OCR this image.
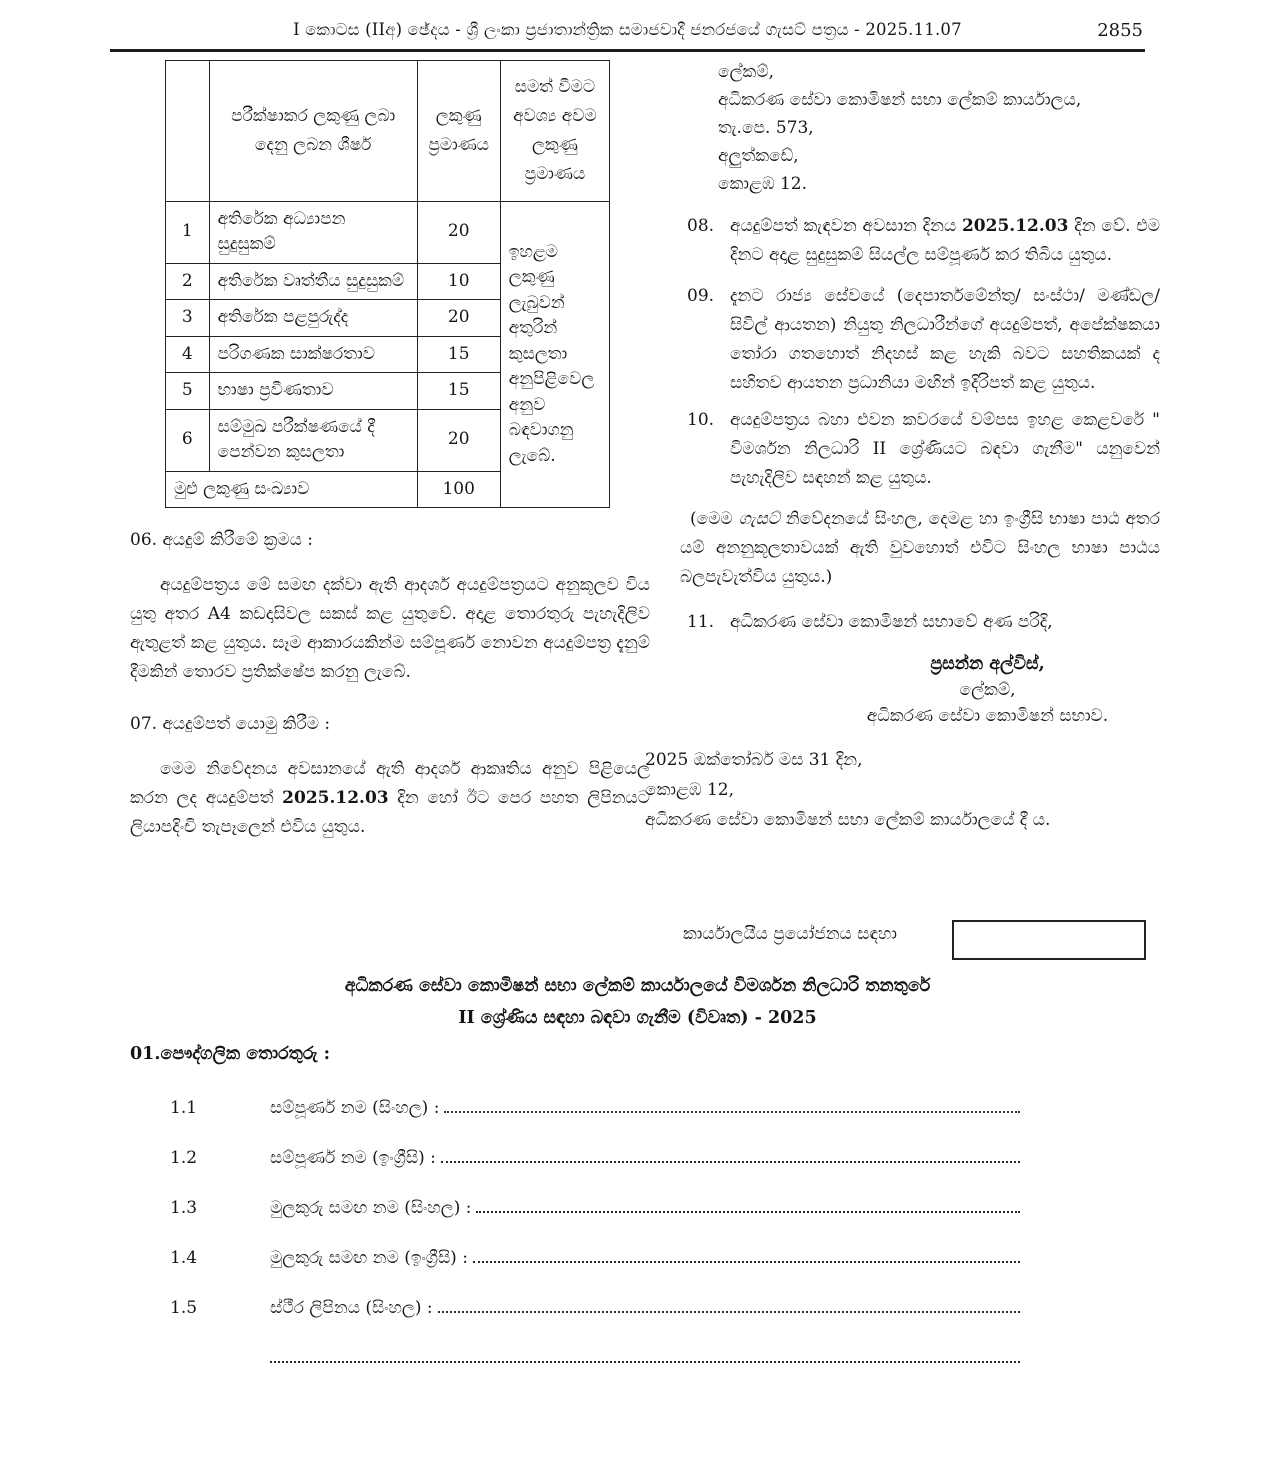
I කොටස (IIඅ) ඡේදය - ශ්‍රී ලංකා ප්‍රජාතාන්ත්‍රික සමාජවාදී ජනරජයේ ගැසට් පත්‍රය - 2025.11.07	2855
	පරීක්ෂාකර ලකුණු ලබා දෙනු ලබන ශීර්ෂ	ලකුණු ප්‍රමාණය	සමත් වීමට අවශ්‍ය අවම ලකුණු ප්‍රමාණය
1	අතිරේක අධ්‍යාපන සුදුසුකම්	20	ඉහළම ලකුණු ලැබුවන් අතුරින් කුසලතා අනුපිළිවෙල අනුව බඳවාගනු ලැබේ.
2	අතිරේක වෘත්තීය සුදුසුකම්	10	
3	අතිරේක පළපුරුද්ද	20	
4	පරිගණක සාක්ෂරතාව	15	
5	භාෂා ප්‍රවීණතාව	15	
6	සම්මුඛ පරීක්ෂණයේ දී පෙන්වන කුසලතා	20	
මුළු ලකුණු සංඛ්‍යාව		100	
06. අයදුම් කිරීමේ ක්‍රමය :
අයදුම්පත්‍රය මේ සමඟ දක්වා ඇති ආදර්ශ අයදුම්පත්‍රයට අනුකූලව විය යුතු අතර A4 කඩදාසිවල සකස් කළ යුතුවේ. අදාළ තොරතුරු පැහැදිලිව ඇතුළත් කළ යුතුය. සෑම ආකාරයකින්ම සම්පූර්ණ නොවන අයදුම්පත්‍ර දැනුම් දීමකින් තොරව ප්‍රතික්ෂේප කරනු ලැබේ.
07. අයදුම්පත් යොමු කිරීම :
මෙම නිවේදනය අවසානයේ ඇති ආදර්ශ ආකෘතිය අනුව පිළියෙල කරන ලද අයදුම්පත් 2025.12.03 දින හෝ ඊට පෙර පහත ලිපිනයට ලියාපදිංචි තැපෑලෙන් එවිය යුතුය.
ලේකම්,
අධිකරණ සේවා කොමිෂන් සභා ලේකම් කාර්යාලය,
තැ.පෙ. 573,
අලුත්කඩේ,
කොළඹ 12.
08. අයදුම්පත් කැඳවන අවසාන දිනය 2025.12.03 දින වේ. එම දිනට අදාළ සුදුසුකම් සියල්ල සම්පූර්ණ කර තිබිය යුතුය.
09. දැනට රාජ්‍ය සේවයේ (දෙපාර්තමේන්තු/ සංස්ථා/ මණ්ඩල/ සිවිල් ආයතන) නියුතු නිලධාරීන්ගේ අයදුම්පත්, අපේක්ෂකයා තෝරා ගතහොත් නිදහස් කළ හැකි බවට සහතිකයක් ද සහිතව ආයතන ප්‍රධානියා මඟින් ඉදිරිපත් කළ යුතුය.
10. අයදුම්පත්‍රය බහා එවන කවරයේ වම්පස ඉහළ කෙළවරේ " විමර්ශන නිලධාරි II ශ්‍රේණියට බඳවා ගැනීම" යනුවෙන් පැහැදිලිව සඳහන් කළ යුතුය.
(මෙම ගැසට් නිවේදනයේ සිංහල, දෙමළ හා ඉංග්‍රීසි භාෂා පාඨ අතර යම් අනනුකූලතාවයක් ඇති වුවහොත් එවිට සිංහල භාෂා පාඨය බලපැවැත්විය යුතුය.)
11. අධිකරණ සේවා කොමිෂන් සභාවේ අණ පරිදි,
ප්‍රසන්න අල්විස්,
ලේකම්,
අධිකරණ සේවා කොමිෂන් සභාව.
2025 ඔක්තෝබර් මස 31 දින,
කොළඹ 12,
අධිකරණ සේවා කොමිෂන් සභා ලේකම් කාර්යාලයේ දී ය.
කාර්යාලයීය ප්‍රයෝජනය සඳහා
අධිකරණ සේවා කොමිෂන් සභා ලේකම් කාර්යාලයේ විමර්ශන නිලධාරි තනතුරේ
II ශ්‍රේණිය සඳහා බඳවා ගැනීම (විවෘත) - 2025
01.පෞද්ගලික තොරතුරු :
1.1	සම්පූර්ණ නම (සිංහල) :
1.2	සම්පූර්ණ නම (ඉංග්‍රීසි) :
1.3	මුලකුරු සමඟ නම (සිංහල) :
1.4	මුලකුරු සමඟ නම (ඉංග්‍රීසි) :
1.5	ස්ථීර ලිපිනය (සිංහල) :
